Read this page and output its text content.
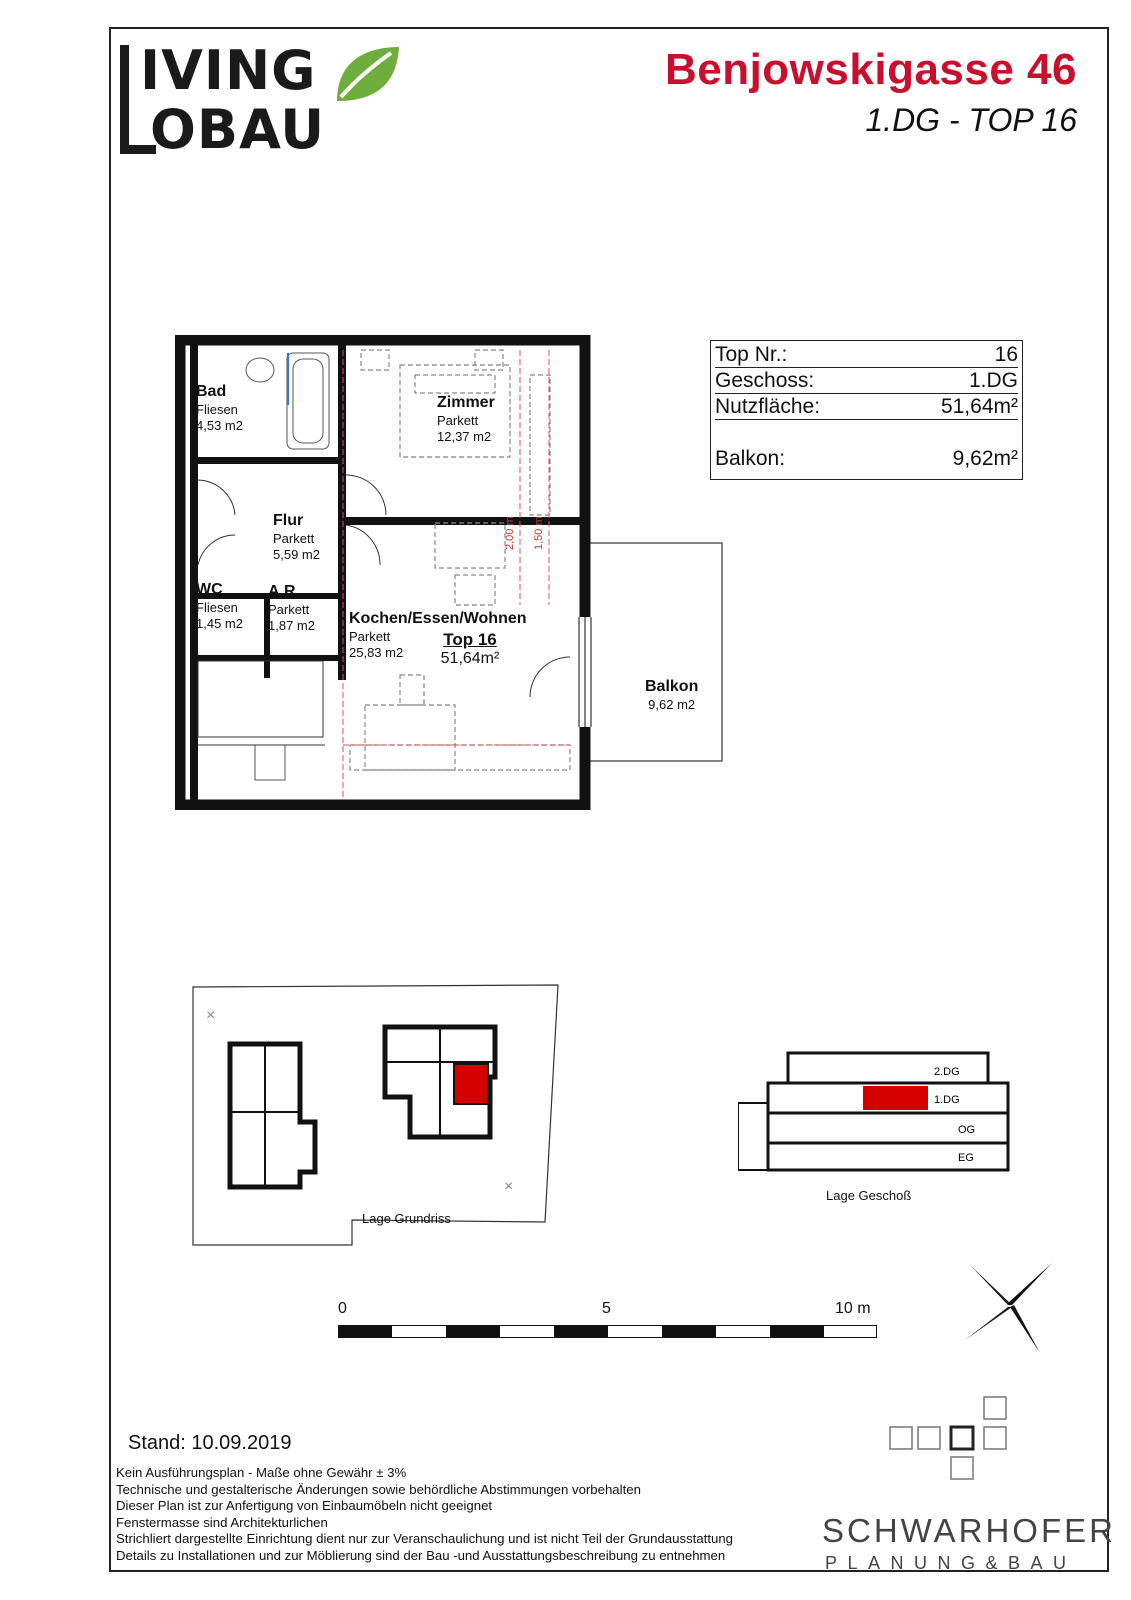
IVING
OBAU
Benjowskigasse 46
1.DG - TOP 16
Top Nr.:	16
Geschoss:	1.DG
Nutzfläche:	51,64m²
Balkon:	9,62m²
Bad
Fliesen
4,53 m2
Zimmer
Parkett
12,37 m2
Flur
Parkett
5,59 m2
WC
Fliesen
1,45 m2
A.R.
Parkett
1,87 m2 Kochen/Essen/Wohnen
Parkett
25,83 m2
Balkon
9,62 m2
Top 16
51,64m²
2,00 m 1,50 m
×
×
Lage Grundriss
2.DG
1.DG
OG
EG
Lage Geschoß
0	5	10 m
Stand: 10.09.2019
Kein Ausführungsplan - Maße ohne Gewähr ± 3%
Technische und gestalterische Änderungen sowie behördliche Abstimmungen vorbehalten
Dieser Plan ist zur Anfertigung von Einbaumöbeln nicht geeignet
Fenstermasse sind Architekturlichen
Strichliert dargestellte Einrichtung dient nur zur Veranschaulichung und ist nicht Teil der Grundausstattung
Details zu Installationen und zur Möblierung sind der Bau -und Ausstattungsbeschreibung zu entnehmen
SCHWARHOFER
PLANUNG&BAU
